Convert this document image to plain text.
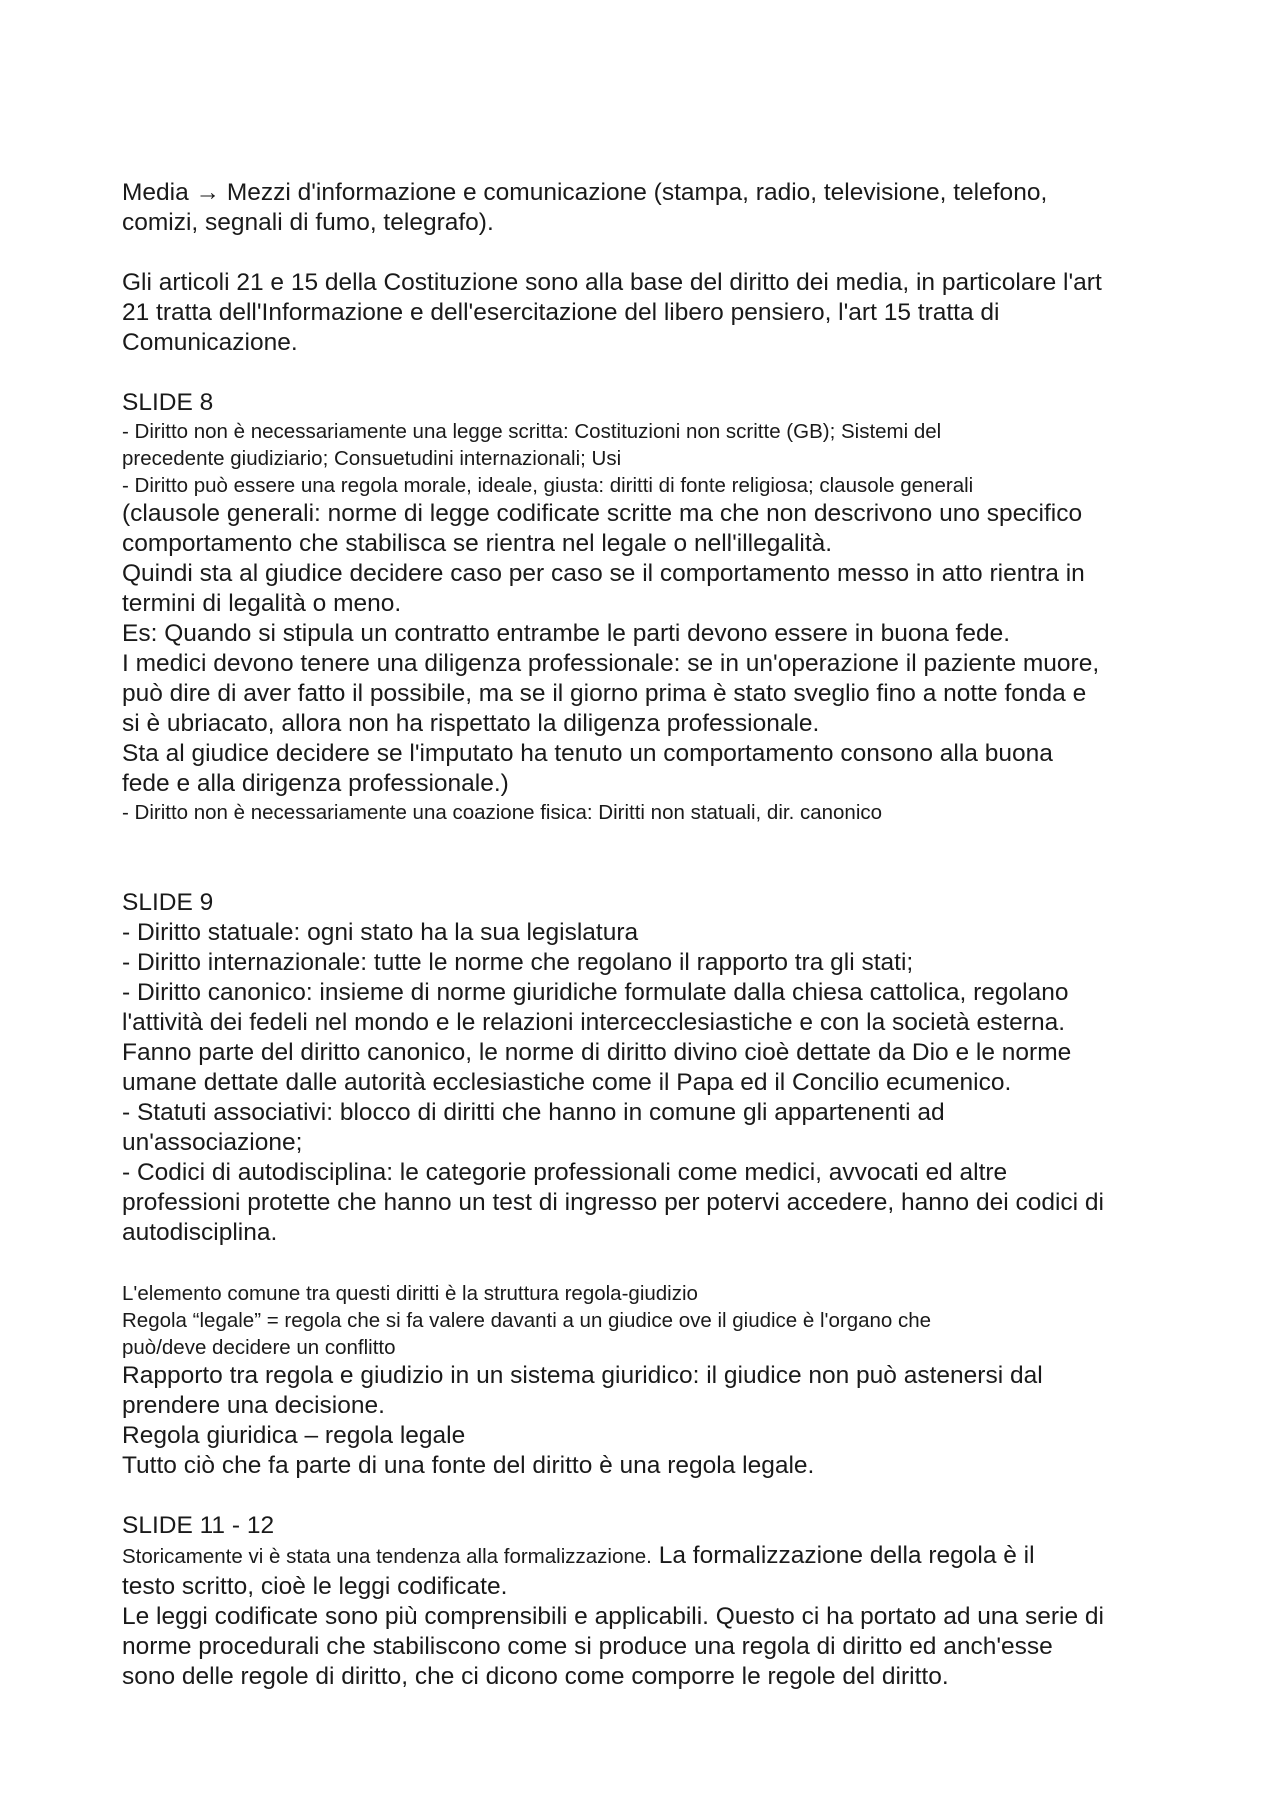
Media → Mezzi d'informazione e comunicazione (stampa, radio, televisione, telefono,
comizi, segnali di fumo, telegrafo).
Gli articoli 21 e 15 della Costituzione sono alla base del diritto dei media, in particolare l'art
21 tratta dell'Informazione e dell'esercitazione del libero pensiero, l'art 15 tratta di
Comunicazione.
SLIDE 8
- Diritto non è necessariamente una legge scritta: Costituzioni non scritte (GB); Sistemi del
precedente giudiziario; Consuetudini internazionali; Usi
- Diritto può essere una regola morale, ideale, giusta: diritti di fonte religiosa; clausole generali
(clausole generali: norme di legge codificate scritte ma che non descrivono uno specifico
comportamento che stabilisca se rientra nel legale o nell'illegalità.
Quindi sta al giudice decidere caso per caso se il comportamento messo in atto rientra in
termini di legalità o meno.
Es: Quando si stipula un contratto entrambe le parti devono essere in buona fede.
I medici devono tenere una diligenza professionale: se in un'operazione il paziente muore,
può dire di aver fatto il possibile, ma se il giorno prima è stato sveglio fino a notte fonda e
si è ubriacato, allora non ha rispettato la diligenza professionale.
Sta al giudice decidere se l'imputato ha tenuto un comportamento consono alla buona
fede e alla dirigenza professionale.)
- Diritto non è necessariamente una coazione fisica: Diritti non statuali, dir. canonico
SLIDE 9
- Diritto statuale: ogni stato ha la sua legislatura
- Diritto internazionale: tutte le norme che regolano il rapporto tra gli stati;
- Diritto canonico: insieme di norme giuridiche formulate dalla chiesa cattolica, regolano
l'attività dei fedeli nel mondo e le relazioni intercecclesiastiche e con la società esterna.
Fanno parte del diritto canonico, le norme di diritto divino cioè dettate da Dio e le norme
umane dettate dalle autorità ecclesiastiche come il Papa ed il Concilio ecumenico.
- Statuti associativi: blocco di diritti che hanno in comune gli appartenenti ad
un'associazione;
- Codici di autodisciplina: le categorie professionali come medici, avvocati ed altre
professioni protette che hanno un test di ingresso per potervi accedere, hanno dei codici di
autodisciplina.
L'elemento comune tra questi diritti è la struttura regola-giudizio
Regola “legale” = regola che si fa valere davanti a un giudice ove il giudice è l'organo che
può/deve decidere un conflitto
Rapporto tra regola e giudizio in un sistema giuridico: il giudice non può astenersi dal
prendere una decisione.
Regola giuridica – regola legale
Tutto ciò che fa parte di una fonte del diritto è una regola legale.
SLIDE 11 - 12
Storicamente vi è stata una tendenza alla formalizzazione. La formalizzazione della regola è il
testo scritto, cioè le leggi codificate.
Le leggi codificate sono più comprensibili e applicabili. Questo ci ha portato ad una serie di
norme procedurali che stabiliscono come si produce una regola di diritto ed anch'esse
sono delle regole di diritto, che ci dicono come comporre le regole del diritto.
